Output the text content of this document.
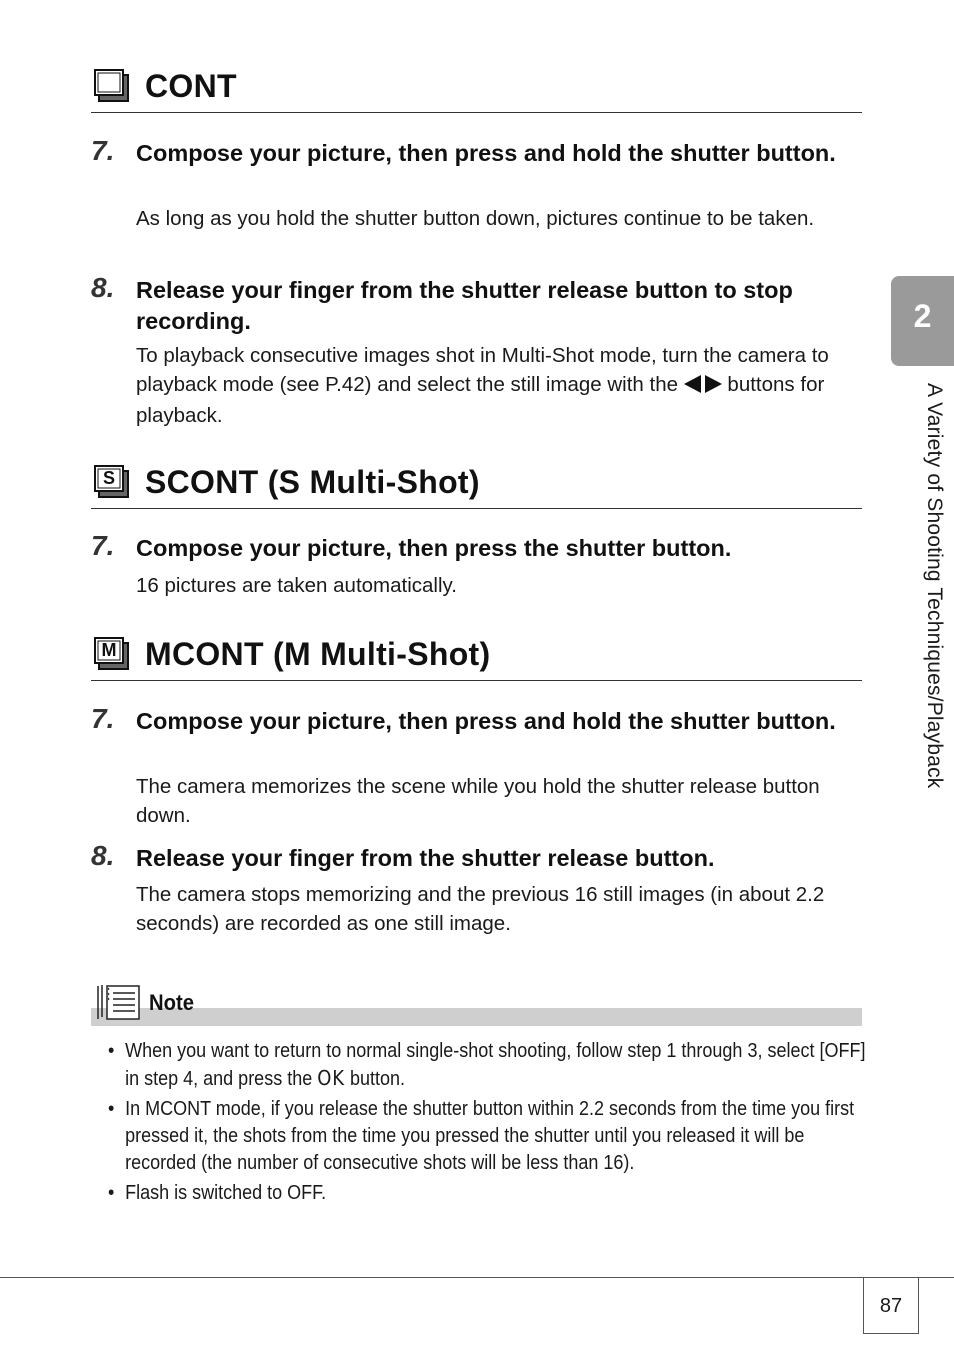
CONT
7. Compose your picture, then press and hold the shutter button.
As long as you hold the shutter button down, pictures continue to be taken.
8. Release your finger from the shutter release button to stop recording.
To playback consecutive images shot in Multi-Shot mode, turn the camera to playback mode (see P.42) and select the still image with the  buttons for playback.
S SCONT (S Multi-Shot)
7. Compose your picture, then press the shutter button.
16 pictures are taken automatically.
M MCONT (M Multi-Shot)
7. Compose your picture, then press and hold the shutter button.
The camera memorizes the scene while you hold the shutter release button down.
8. Release your finger from the shutter release button.
The camera stops memorizing and the previous 16 still images (in about 2.2 seconds) are recorded as one still image.
Note
• When you want to return to normal single-shot shooting, follow step 1 through 3, select [OFF] in step 4, and press the OK button.
• In MCONT mode, if you release the shutter button within 2.2 seconds from the time you first pressed it, the shots from the time you pressed the shutter until you released it will be recorded (the number of consecutive shots will be less than 16).
• Flash is switched to OFF.
2
A Variety of Shooting Techniques/Playback
87
